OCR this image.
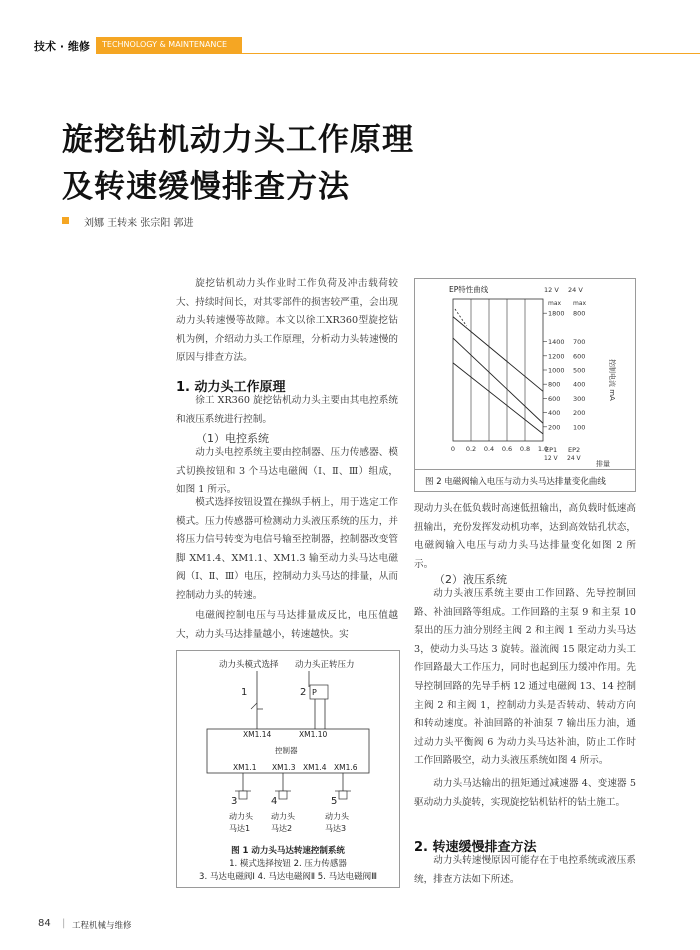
技术 · 维修	TECHNOLOGY & MAINTENANCE
旋挖钻机动力头工作原理
及转速缓慢排查方法
刘娜 王转来 张宗阳 郭进
旋挖钻机动力头作业时工作负荷及冲击载荷较大、持续时间长，对其零部件的损害较严重，会出现动力头转速慢等故障。本文以徐工XR360型旋挖钻机为例，介绍动力头工作原理，分析动力头转速慢的原因与排查方法。
1. 动力头工作原理
徐工 XR360 旋挖钻机动力头主要由其电控系统和液压系统进行控制。
（1）电控系统
动力头电控系统主要由控制器、压力传感器、模式切换按钮和 3 个马达电磁阀（Ⅰ、Ⅱ、Ⅲ）组成，如图 1 所示。
模式选择按钮设置在操纵手柄上，用于选定工作模式。压力传感器可检测动力头液压系统的压力，并将压力信号转变为电信号输至控制器，控制器改变管脚 XM1.4、XM1.1、XM1.3 输至动力头马达电磁阀（Ⅰ、Ⅱ、Ⅲ）电压，控制动力头马达的排量，从而控制动力头的转速。
电磁阀控制电压与马达排量成反比，电压值越大，动力头马达排量越小，转速越快。实
动力头模式选择 动力头正转压力
1	2 P
XM1.14	XM1.10
控制器
XM1.1 XM1.3 XM1.4 XM1.6
3	4	5
动力头
马达1
动力头
马达2
动力头
马达3
图 1 动力头马达转速控制系统
1. 模式选择按钮 2. 压力传感器
3. 马达电磁阀Ⅰ 4. 马达电磁阀Ⅱ 5. 马达电磁阀Ⅲ
EP特性曲线
0 0.2 0.4 0.6 0.8 1.0
1800
1400
1200
1000
800
600
400
200
800
700
600
500
400
300
200
100
max max
12 V 24 V
排量
EP1
12 V
EP2
24 V
控制电流 mA
图 2 电磁阀输入电压与动力头马达排量变化曲线
现动力头在低负载时高速低扭输出，高负载时低速高扭输出，充份发挥发动机功率，达到高效钻孔状态，电磁阀输入电压与动力头马达排量变化如图 2 所示。
（2）液压系统
动力头液压系统主要由工作回路、先导控制回路、补油回路等组成。工作回路的主泵 9 和主泵 10 泵出的压力油分别经主阀 2 和主阀 1 至动力头马达 3，使动力头马达 3 旋转。溢流阀 15 限定动力头工作回路最大工作压力，同时也起到压力缓冲作用。先导控制回路的先导手柄 12 通过电磁阀 13、14 控制主阀 2 和主阀 1，控制动力头是否转动、转动方向和转动速度。补油回路的补油泵 7 输出压力油，通过动力头平衡阀 6 为动力头马达补油，防止工作时工作回路吸空，动力头液压系统如图 4 所示。
动力头马达输出的扭矩通过减速器 4、变速器 5 驱动动力头旋转，实现旋挖钻机钻杆的钻土施工。
2. 转速缓慢排查方法
动力头转速慢原因可能存在于电控系统或液压系统，排查方法如下所述。
84 | 工程机械与维修
